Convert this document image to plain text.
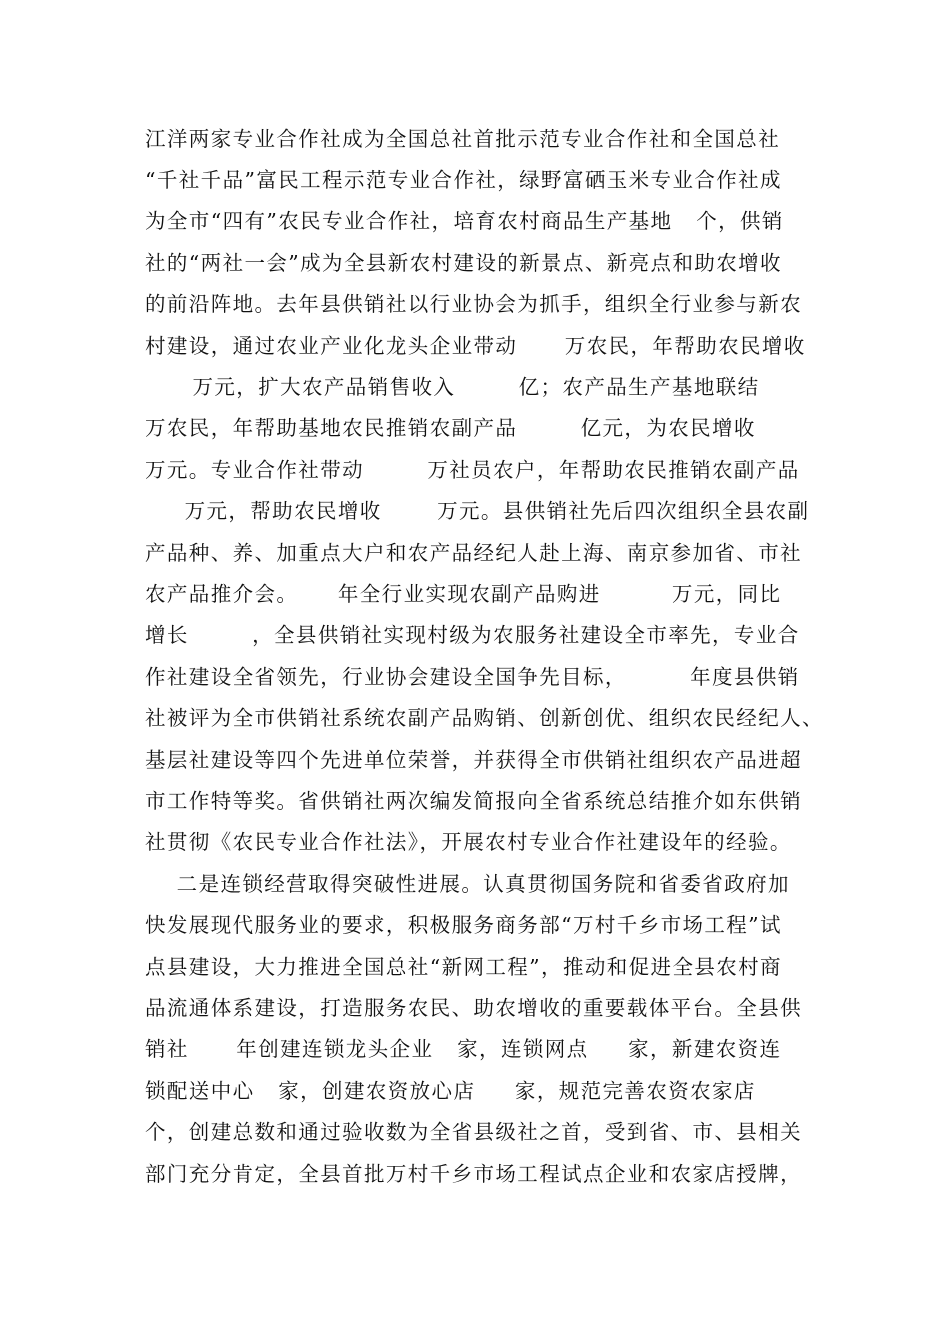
江洋两家专业合作社成为全国总社首批示范专业合作社和全国总社
“千社千品”富民工程示范专业合作社，绿野富硒玉米专业合作社成
为全市“四有”农民专业合作社，培育农村商品生产基地   个，供销
社的“两社一会”成为全县新农村建设的新景点、新亮点和助农增收
的前沿阵地。去年县供销社以行业协会为抓手，组织全行业参与新农
村建设，通过农业产业化龙头企业带动      万农民，年帮助农民增收
万元，扩大农产品销售收入        亿；农产品生产基地联结
万农民，年帮助基地农民推销农副产品        亿元，为农民增收
万元。专业合作社带动        万社员农户，年帮助农民推销农副产品
万元，帮助农民增收       万元。县供销社先后四次组织全县农副
产品种、养、加重点大户和农产品经纪人赴上海、南京参加省、市社
农产品推介会。     年全行业实现农副产品购进         万元，同比
增长        ，全县供销社实现村级为农服务社建设全市率先，专业合
作社建设全省领先，行业协会建设全国争先目标，        年度县供销
社被评为全市供销社系统农副产品购销、创新创优、组织农民经纪人、
基层社建设等四个先进单位荣誉，并获得全市供销社组织农产品进超
市工作特等奖。省供销社两次编发简报向全省系统总结推介如东供销
社贯彻《农民专业合作社法》，开展农村专业合作社建设年的经验。
二是连锁经营取得突破性进展。认真贯彻国务院和省委省政府加
快发展现代服务业的要求，积极服务商务部“万村千乡市场工程”试
点县建设，大力推进全国总社“新网工程”，推动和促进全县农村商
品流通体系建设，打造服务农民、助农增收的重要载体平台。全县供
销社      年创建连锁龙头企业   家，连锁网点     家，新建农资连
锁配送中心   家，创建农资放心店     家，规范完善农资农家店
个，创建总数和通过验收数为全省县级社之首，受到省、市、县相关
部门充分肯定，全县首批万村千乡市场工程试点企业和农家店授牌，
